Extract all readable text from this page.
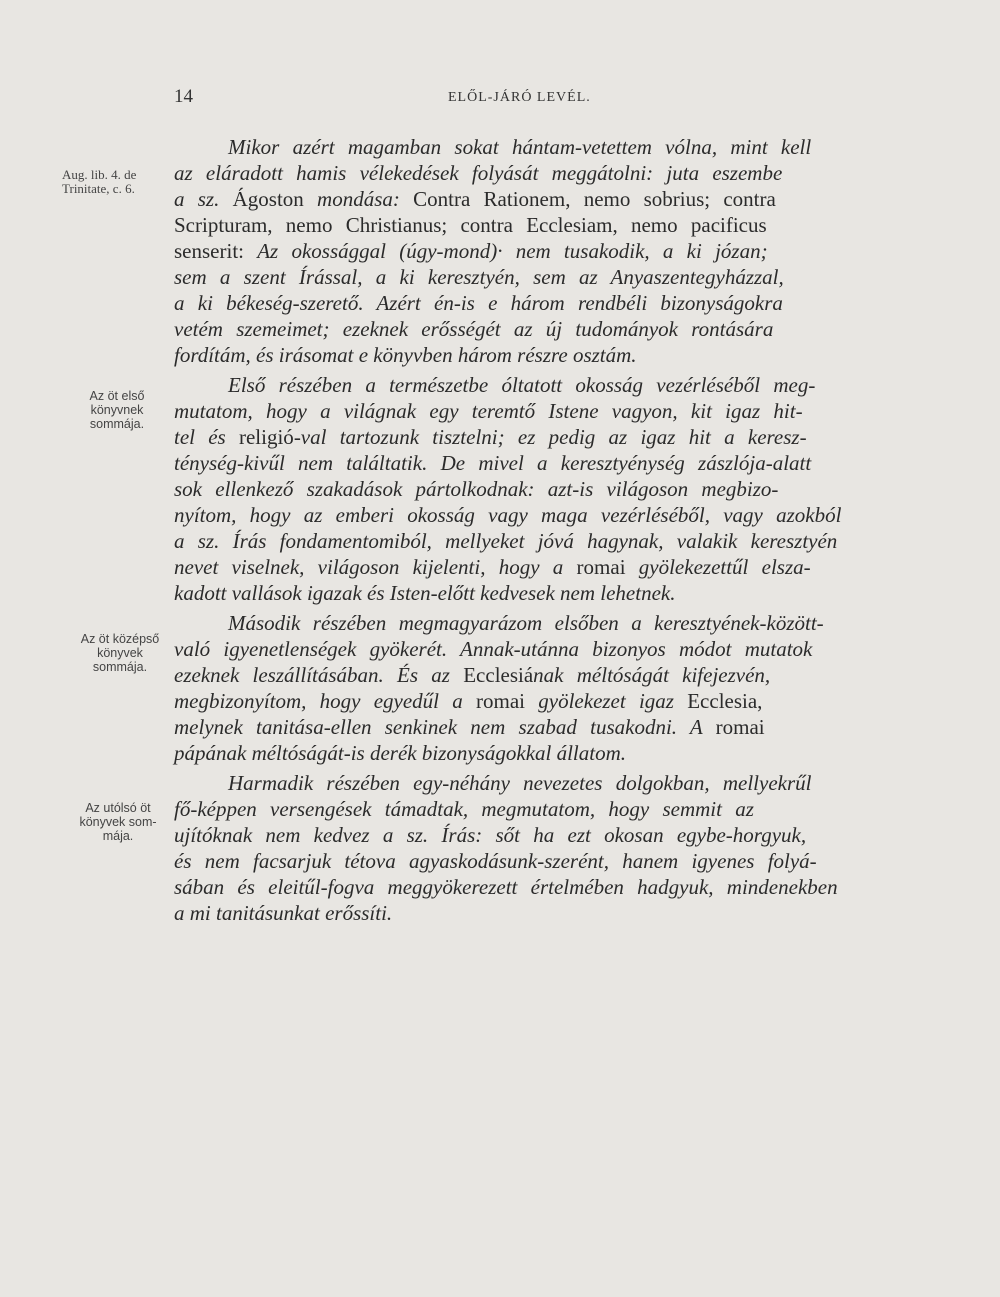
14	ELŐL-JÁRÓ LEVÉL.
Aug. lib. 4. de
Trinitate, c. 6.
Az öt első
könyvnek
sommája.
Az öt középső
könyvek
sommája.
Az utólsó öt
könyvek som-
mája.
Mikor azért magamban sokat hántam-vetettem vólna, mint kell
az eláradott hamis vélekedések folyását meggátolni: juta eszembe
a sz. Ágoston mondása: Contra Rationem, nemo sobrius; contra
Scripturam, nemo Christianus; contra Ecclesiam, nemo pacificus
senserit: Az okossággal (úgy-mond)· nem tusakodik, a ki józan;
sem a szent Írással, a ki keresztyén, sem az Anyaszentegyházzal,
a ki békeség-szerető. Azért én-is e három rendbéli bizonyságokra
vetém szemeimet; ezeknek erősségét az új tudományok rontására
fordítám, és irásomat e könyvben három részre osztám.
Első részében a természetbe óltatott okosság vezérléséből meg-
mutatom, hogy a világnak egy teremtő Istene vagyon, kit igaz hit-
tel és religió-val tartozunk tisztelni; ez pedig az igaz hit a keresz-
ténység-kivűl nem találtatik. De mivel a keresztyénység zászlója-alatt
sok ellenkező szakadások pártolkodnak: azt-is világoson megbizo-
nyítom, hogy az emberi okosság vagy maga vezérléséből, vagy azokból
a sz. Írás fondamentomiból, mellyeket jóvá hagynak, valakik keresztyén
nevet viselnek, világoson kijelenti, hogy a romai gyölekezettűl elsza-
kadott vallások igazak és Isten-előtt kedvesek nem lehetnek.
Második részében megmagyarázom elsőben a keresztyének-között-
való igyenetlenségek gyökerét. Annak-utánna bizonyos módot mutatok
ezeknek leszállításában. És az Ecclesiának méltóságát kifejezvén,
megbizonyítom, hogy egyedűl a romai gyölekezet igaz Ecclesia,
melynek tanitása-ellen senkinek nem szabad tusakodni. A romai
pápának méltóságát-is derék bizonyságokkal állatom.
Harmadik részében egy-néhány nevezetes dolgokban, mellyekrűl
fő-képpen versengések támadtak, megmutatom, hogy semmit az
ujítóknak nem kedvez a sz. Írás: sőt ha ezt okosan egybe-horgyuk,
és nem facsarjuk tétova agyaskodásunk-szerént, hanem igyenes folyá-
sában és eleitűl-fogva meggyökerezett értelmében hadgyuk, mindenekben
a mi tanitásunkat erőssíti.
